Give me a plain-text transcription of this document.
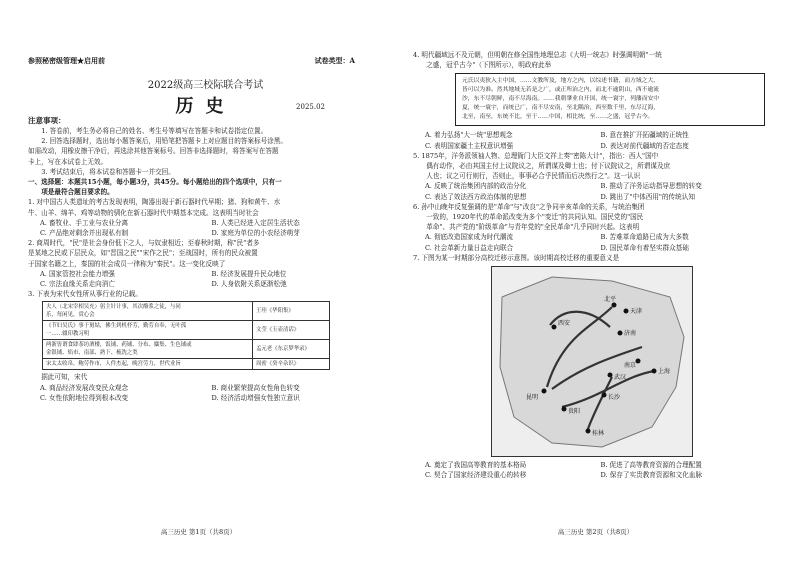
参照秘密级管理★启用前	试卷类型：A
2022级高三校际联合考试
历史	2025.02
注意事项：

1. 答卷前，考生务必将自己的姓名、考生号等填写在答题卡和试卷指定位置。

2. 回答选择题时，选出每小题答案后，用铅笔把答题卡上对应题目的答案标号涂黑。

如需改动，用橡皮擦干净后，再选涂其他答案标号。回答非选择题时，将答案写在答题

卡上，写在本试卷上无效。

3. 考试结束后，将本试卷和答题卡一并交回。

一、选择题：本题共15小题，每小题3分，共45分。每小题给出的四个选项中，只有一

项是最符合题目要求的。

1. 对中国古人类遗址的考古发现表明，陶器出现于新石器时代早期；猪、狗和黄牛、水

牛、山羊、绵羊、鸡等动物的驯化在新石器时代中期基本完成。这表明当时社会

A. 畜牧业、手工业与农业分离	B. 人类已经进入定居生活状态
C. 产品绝对剩余并出现私有制	D. 家庭为单位的小农经济萌芽

2. 商周时代，"民"是社会身份低下之人，与奴隶相近；至春秋时期，称"民"者多

是某地之民或下层民众，如"晋国之民""宋作之民"；至战国时，所有的民众被置

于国家名籍之上，秦国的社会成员一律称为"秦民"。这一变化反映了

A. 国家管控社会能力增强	B. 经济发展提升民众地位
C. 宗法血缘关系走向消亡	D. 人身依附关系逐渐松弛

3. 下表为宋代女性所从事行业的记载。

夫人（北宋宰相吴充）躬主针计事，其次酪浆之徒，与同
乐，每闲见，赏心会	王珪《华阳集》

《节妇吴氏》事于舅姑，佛生到机杼劳，勤劳自奉，无叶孤
一……辍印教习明	文莹《玉壶清话》

两浙皆谓食肆茶坊酒楼，饭铺、药铺、分布、麋集、生色铺或
金银铺、焰市、南部、熟下、梳洗之类	孟元老《东京梦华录》

宋太太收帛，鲍劳作市，人件杰起，晚宫劳力，世代业旨	周密《癸辛杂识》

据此可知，宋代

A. 商品经济发展改变民众观念	B. 商业繁荣提高女性角色转变
C. 女性依附地位得到根本改变	D. 经济活动增强女性独立意识
高三历史 第1页（共8页）

4. 明代疆域远不及元朝，但明朝在修全国性地理总志《大明一统志》时强调明朝"一统

之盛，冠乎古今"（下图所示），明政府此举

元氏以夷狄入主中国，……文教所及，地方之内，以综述书籍，而方域之大，
皆可以为准。然其地域无若是之广，或正所治之内，而北不逾阴山，西不逾流
沙，东不尽朝鲜，南不尽海南。……我朝肇业自开国，统一寰宇，列藩而安中
夏，统一寰宇，而统已广，南不尽安南，至北隅治，西至数千里，东尽辽海，
北至，南至，东统不比，至于……中国，相比统，至……之盛，冠乎古今。
A. 着力弘扬"大一统"思想观念	B. 意在推扩开拓疆域的正统性
C. 表明国家疆土主权意识增强	D. 表达对前代疆域的否定态度

5. 1875年，洋务派领袖人物、总理衙门大臣文祥上奏"密陈大计"，指出：西人"国中

偶有动作，必由其国主付上议院议之，所谓谋及卿士也；付下议院议之，所谓谋及庶

人也；议之可行则行，否则止，事事必合乎民情而后决然行之"。这一认识

A. 反映了统治集团内部的政治分化	B. 推动了洋务运动指导思想的转变
C. 表达了效法西方政治体制的思想	D. 跳出了"中体西用"的传统认知

6. 孙中山晚年反复强调的是"革命"与"改良"之争同辛亥革命的关系，与统治集团

一致的，1920年代的革命派改变为多个"变迁"的共同认知。国民党的"国民

革命"、共产党的"阶级革命"与青年党的"全民革命"几乎同时兴起。这表明

A. 彻底改造国家成为时代潮流	B. 苦难革命道路已成为大多数
C. 社会革新力量日益走向联合	D. 国民革命有着坚实群众基础

7. 下图为某一时期部分高校迁移示意图。该时期高校迁移的重要意义是

北平
天津
济南
南京
上海
武汉
长沙
西安
昆明
贵阳
桂林
A. 奠定了我国高等教育的基本格局	B. 促进了高等教育资源的合理配置
C. 契合了国家经济建设重心的转移	D. 保存了实贵教育资源和文化血脉
高三历史 第2页（共8页）
